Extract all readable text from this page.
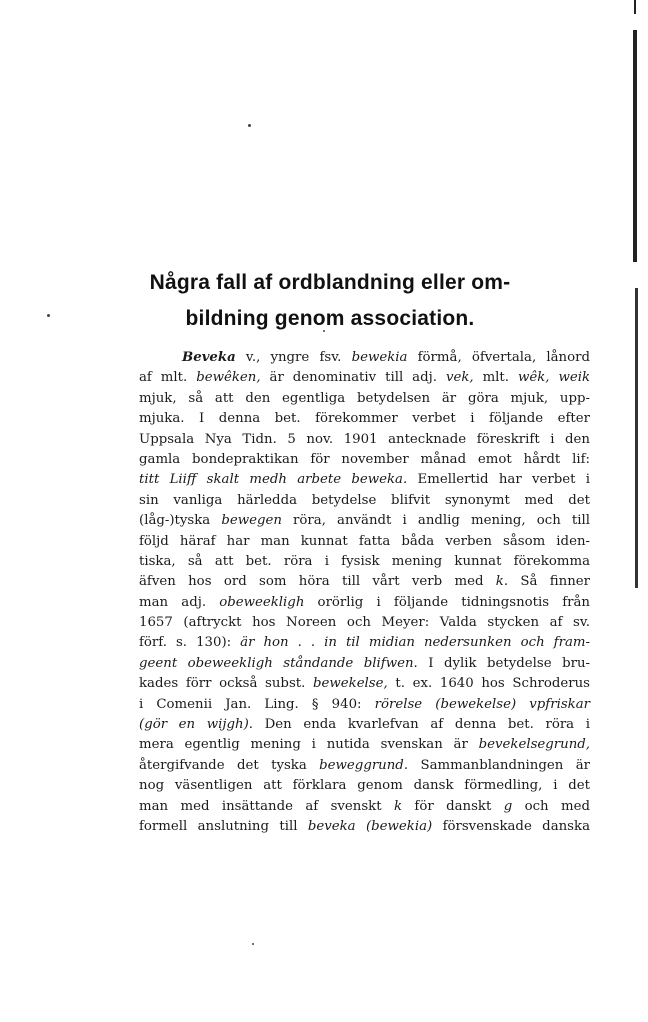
Några fall af ordblandning eller om-
bildning genom association.
Beveka v., yngre fsv. bewekia förmå, öfvertala, lånord
af mlt. bewêken, är denominativ till adj. vek, mlt. wêk, weik
mjuk, så att den egentliga betydelsen är göra mjuk, upp-
mjuka. I denna bet. förekommer verbet i följande efter
Uppsala Nya Tidn. 5 nov. 1901 antecknade föreskrift i den
gamla bondepraktikan för november månad emot hårdt lif:
titt Liiff skalt medh arbete beweka. Emellertid har verbet i
sin vanliga härledda betydelse blifvit synonymt med det
(låg-)tyska bewegen röra, användt i andlig mening, och till
följd häraf har man kunnat fatta båda verben såsom iden-
tiska, så att bet. röra i fysisk mening kunnat förekomma
äfven hos ord som höra till vårt verb med k. Så finner
man adj. obeweekligh orörlig i följande tidningsnotis från
1657 (aftryckt hos Noreen och Meyer: Valda stycken af sv.
förf. s. 130): är hon . . in til midian nedersunken och fram-
geent obeweekligh ståndande blifwen. I dylik betydelse bru-
kades förr också subst. bewekelse, t. ex. 1640 hos Schroderus
i Comenii Jan. Ling. § 940: rörelse (bewekelse) vpfriskar
(gör en wijgh). Den enda kvarlefvan af denna bet. röra i
mera egentlig mening i nutida svenskan är bevekelsegrund,
återgifvande det tyska beweggrund. Sammanblandningen är
nog väsentligen att förklara genom dansk förmedling, i det
man med insättande af svenskt k för danskt g och med
formell anslutning till beveka (bewekia) försvenskade danska
